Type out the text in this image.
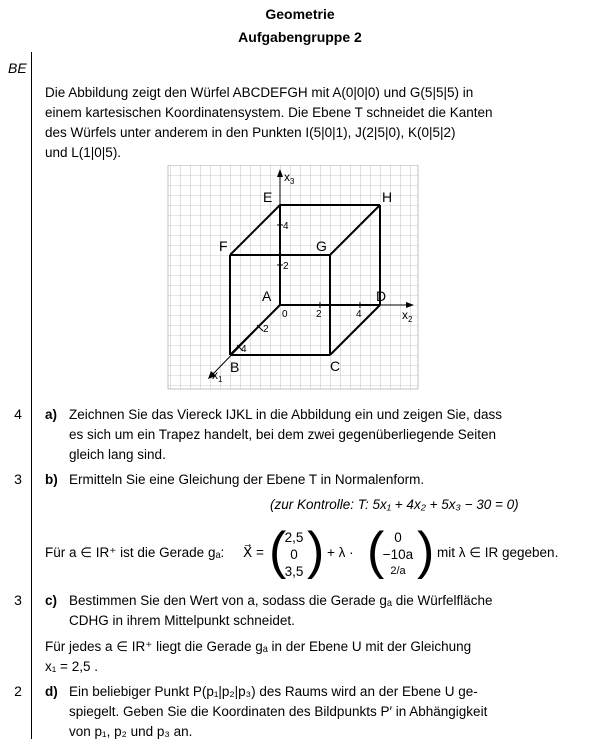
Geometrie
Aufgabengruppe 2
BE
Die Abbildung zeigt den Würfel ABCDEFGH mit A(0|0|0) und G(5|5|5) in
einem kartesischen Koordinatensystem. Die Ebene T schneidet die Kanten
des Würfels unter anderem in den Punkten I(5|0|1), J(2|5|0), K(0|5|2)
und L(1|0|5).
A
B	C
D
E
F	G
H
0	2	4
2
4
2
4
$x_3$
$x_2$
$x_1$
4	a) Zeichnen Sie das Viereck IJKL in die Abbildung ein und zeigen Sie, dass
es sich um ein Trapez handelt, bei dem zwei gegenüberliegende Seiten
gleich lang sind.
3	b) Ermitteln Sie eine Gleichung der Ebene T in Normalenform.
(zur Kontrolle: T: 5x₁ + 4x₂ + 5x₃ − 30 = 0)
Für a ∈ IR⁺ ist die Gerade gₐ: X⃗ = (
2,5
0
3,5 ) + λ · ( 0
−10a
2/a ) mit λ ∈ IR gegeben.
3	c) Bestimmen Sie den Wert von a, sodass die Gerade gₐ die Würfelfläche
CDHG in ihrem Mittelpunkt schneidet.
Für jedes a ∈ IR⁺ liegt die Gerade gₐ in der Ebene U mit der Gleichung
x₁ = 2,5 .
2	d) Ein beliebiger Punkt P(p₁|p₂|p₃) des Raums wird an der Ebene U ge-
spiegelt. Geben Sie die Koordinaten des Bildpunkts P′ in Abhängigkeit
von p₁, p₂ und p₃ an.
